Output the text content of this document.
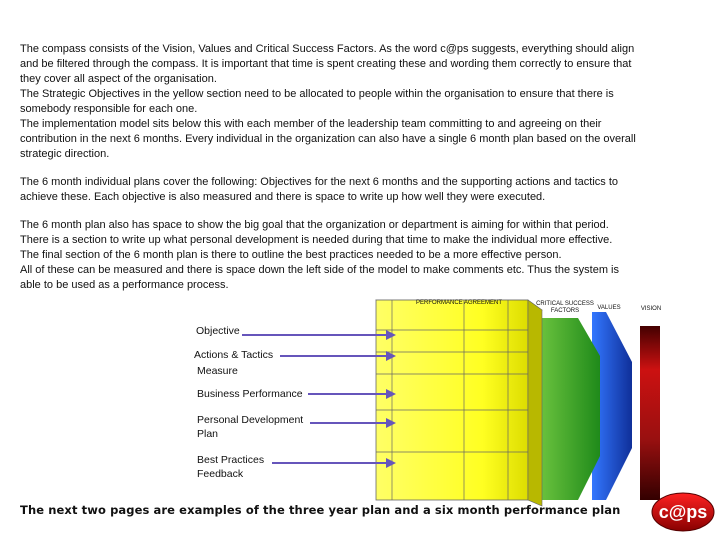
The compass consists of the Vision, Values and Critical Success Factors. As the word c@ps suggests, everything should align
and be filtered through the compass. It is important that time is spent creating these and wording them correctly to ensure that
they cover all aspect of the organisation.
The Strategic Objectives in the yellow section need to be allocated to people within the organisation to ensure that there is
somebody responsible for each one.
The implementation model sits below this with each member of the leadership team committing to and agreeing on their
contribution in the next 6 months. Every individual in the organization can also have a single 6 month plan based on the overall
strategic direction.
The 6 month individual plans cover the following: Objectives for the next 6 months and the supporting actions and tactics to
achieve these. Each objective is also measured and there is space to write up how well they were executed.
The 6 month plan also has space to show the big goal that the organization or department is aiming for within that period.
There is a section to write up what personal development is needed during that time to make the individual more effective.
The final section of the 6 month plan is there to outline the best practices needed to be a more effective person.
All of these can be measured and there is space down the left side of the model to make comments etc. Thus the system is
able to be used as a performance process.
PERFORMANCE AGREEMENT	CRITICAL SUCCESS FACTORS	VALUES	VISION
Objective
Actions & Tactics
Measure
Business Performance
Personal Development Plan
Best Practices Feedback
The next two pages are examples of the three year plan and a six month performance plan	c@ps
